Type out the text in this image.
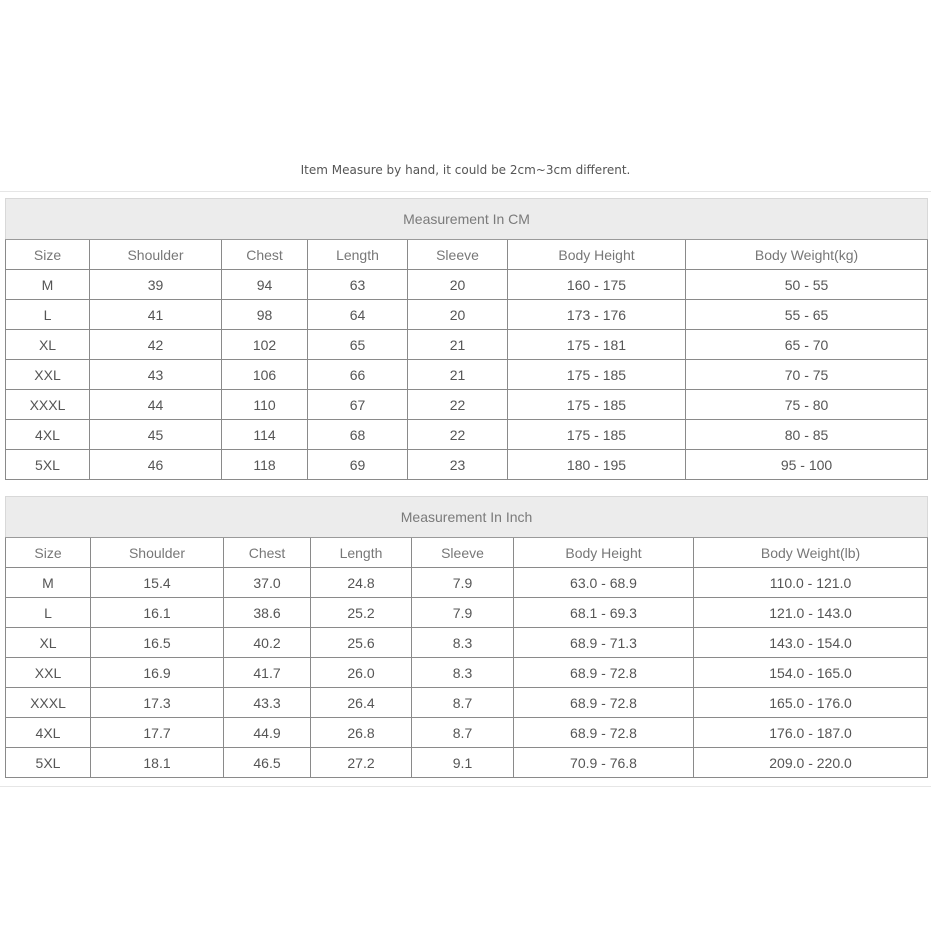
Item Measure by hand, it could be 2cm~3cm different.
Measurement In CM						
Size	Shoulder	Chest	Length	Sleeve	Body Height	Body Weight(kg)
M	39	94	63	20	160 - 175	50 - 55
L	41	98	64	20	173 - 176	55 - 65
XL	42	102	65	21	175 - 181	65 - 70
XXL	43	106	66	21	175 - 185	70 - 75
XXXL	44	110	67	22	175 - 185	75 - 80
4XL	45	114	68	22	175 - 185	80 - 85
5XL	46	118	69	23	180 - 195	95 - 100
Measurement In Inch						
Size	Shoulder	Chest	Length	Sleeve	Body Height	Body Weight(lb)
M	15.4	37.0	24.8	7.9	63.0 - 68.9	110.0 - 121.0
L	16.1	38.6	25.2	7.9	68.1 - 69.3	121.0 - 143.0
XL	16.5	40.2	25.6	8.3	68.9 - 71.3	143.0 - 154.0
XXL	16.9	41.7	26.0	8.3	68.9 - 72.8	154.0 - 165.0
XXXL	17.3	43.3	26.4	8.7	68.9 - 72.8	165.0 - 176.0
4XL	17.7	44.9	26.8	8.7	68.9 - 72.8	176.0 - 187.0
5XL	18.1	46.5	27.2	9.1	70.9 - 76.8	209.0 - 220.0
